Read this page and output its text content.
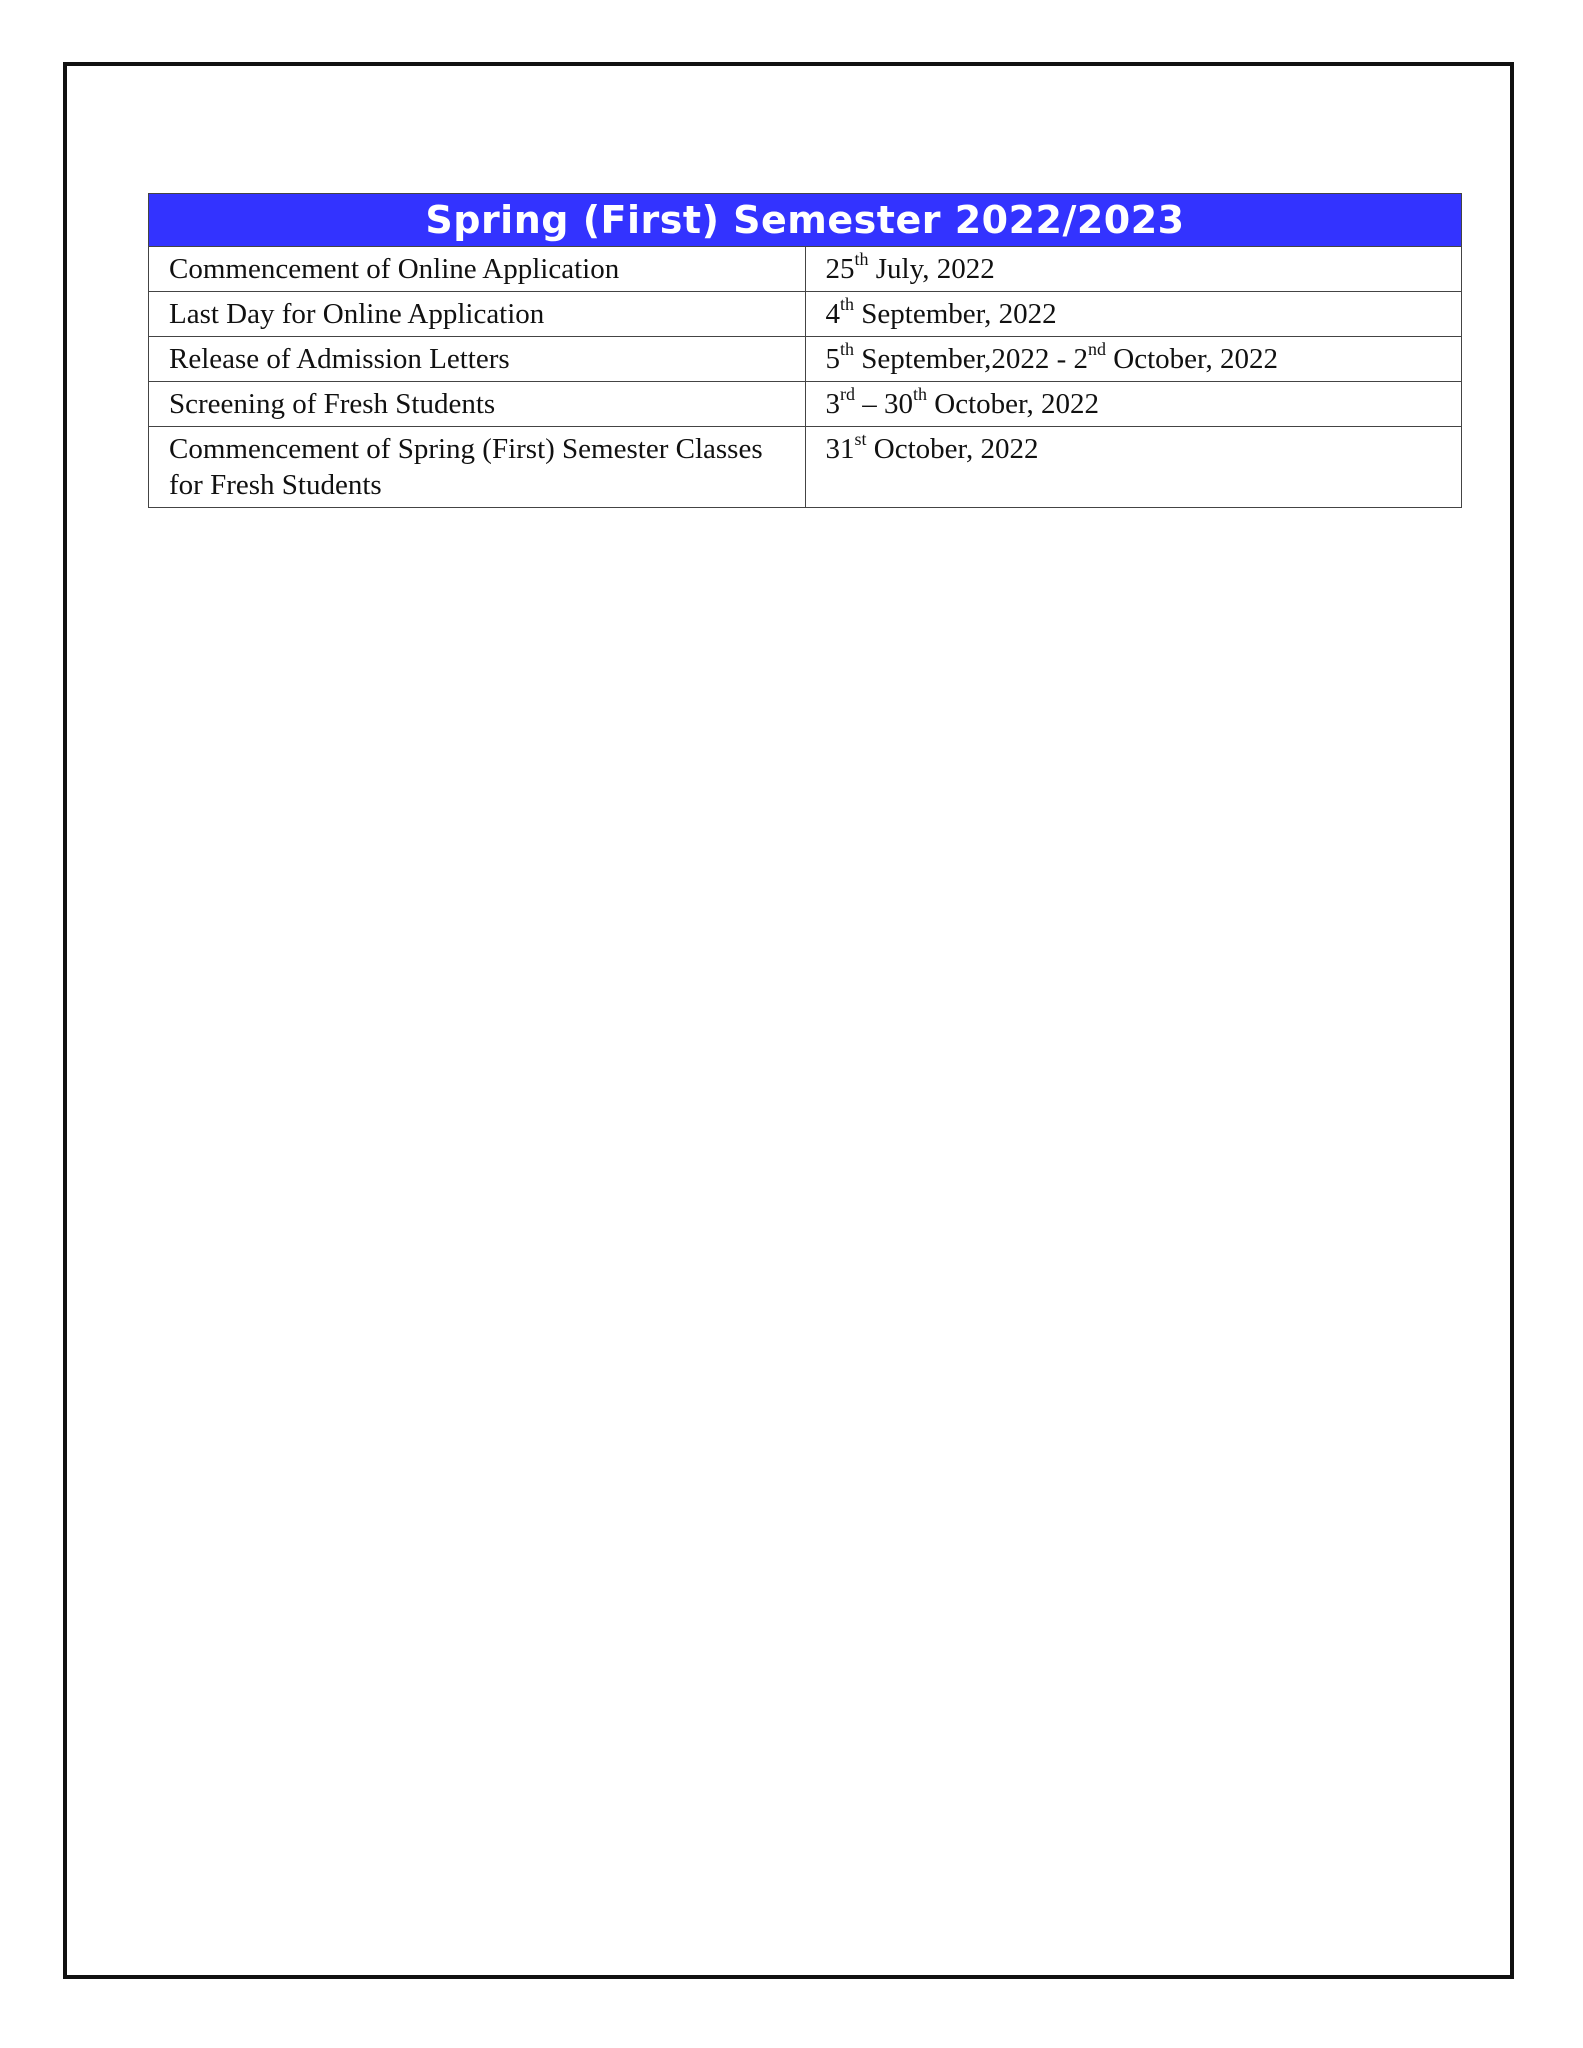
Spring (First) Semester 2022/2023	
Commencement of Online Application	25th July, 2022
Last Day for Online Application	4th September, 2022
Release of Admission Letters	5th September,2022 - 2nd October, 2022
Screening of Fresh Students	3rd – 30th October, 2022
Commencement of Spring (First) Semester Classes for Fresh Students	31st October, 2022
